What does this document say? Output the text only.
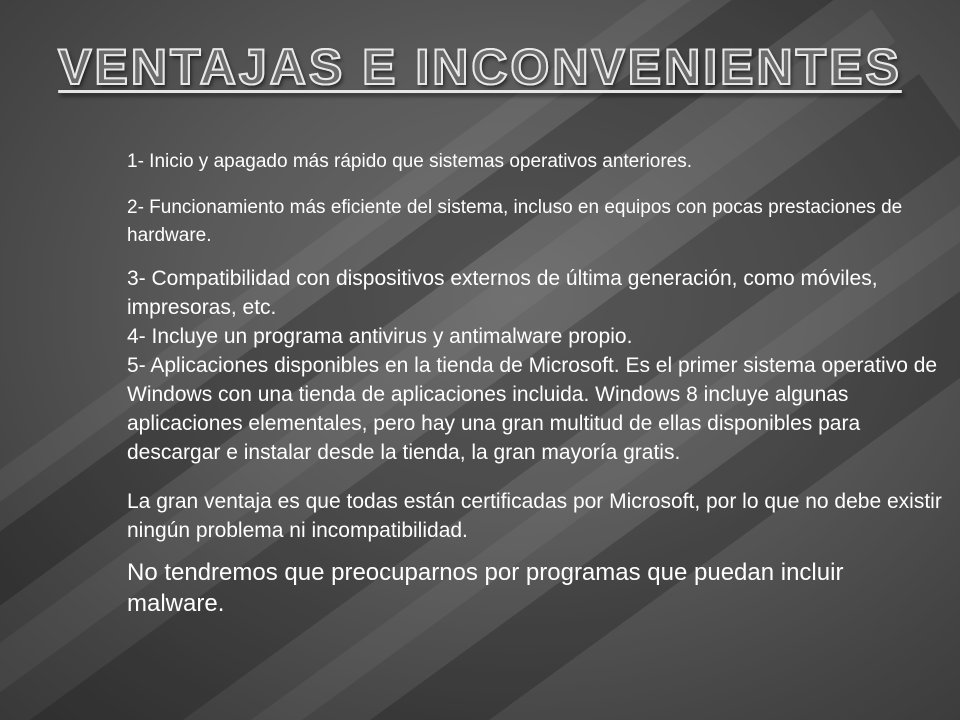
VENTAJAS E INCONVENIENTES

1- Inicio y apagado más rápido que sistemas operativos anteriores.

2- Funcionamiento más eficiente del sistema, incluso en equipos con pocas prestaciones de hardware.

3- Compatibilidad con dispositivos externos de última generación, como móviles, impresoras, etc.

4- Incluye un programa antivirus y antimalware propio.

5- Aplicaciones disponibles en la tienda de Microsoft. Es el primer sistema operativo de Windows con una tienda de aplicaciones incluida. Windows 8 incluye algunas aplicaciones elementales, pero hay una gran multitud de ellas disponibles para descargar e instalar desde la tienda, la gran mayoría gratis.

La gran ventaja es que todas están certificadas por Microsoft, por lo que no debe existir ningún problema ni incompatibilidad.

No tendremos que preocuparnos por programas que puedan incluir malware.
